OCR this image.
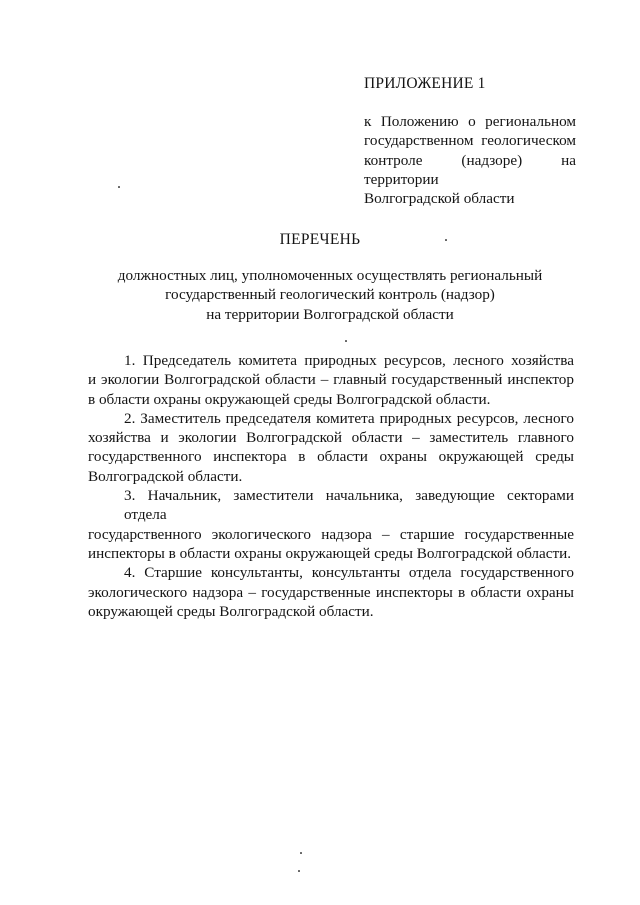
ПРИЛОЖЕНИЕ 1
к Положению о региональном
государственном геологическом
контроле (надзоре) на территории
Волгоградской области
ПЕРЕЧЕНЬ
должностных лиц, уполномоченных осуществлять региональный
государственный геологический контроль (надзор)
на территории Волгоградской области
1. Председатель комитета природных ресурсов, лесного хозяйства
и экологии Волгоградской области – главный государственный инспектор
в области охраны окружающей среды Волгоградской области.
2. Заместитель председателя комитета природных ресурсов, лесного
хозяйства и экологии Волгоградской области – заместитель главного
государственного инспектора в области охраны окружающей среды
Волгоградской области.
3. Начальник, заместители начальника, заведующие секторами отдела
государственного экологического надзора – старшие государственные
инспекторы в области охраны окружающей среды Волгоградской области.
4. Старшие консультанты, консультанты отдела государственного
экологического надзора – государственные инспекторы в области охраны
окружающей среды Волгоградской области.
